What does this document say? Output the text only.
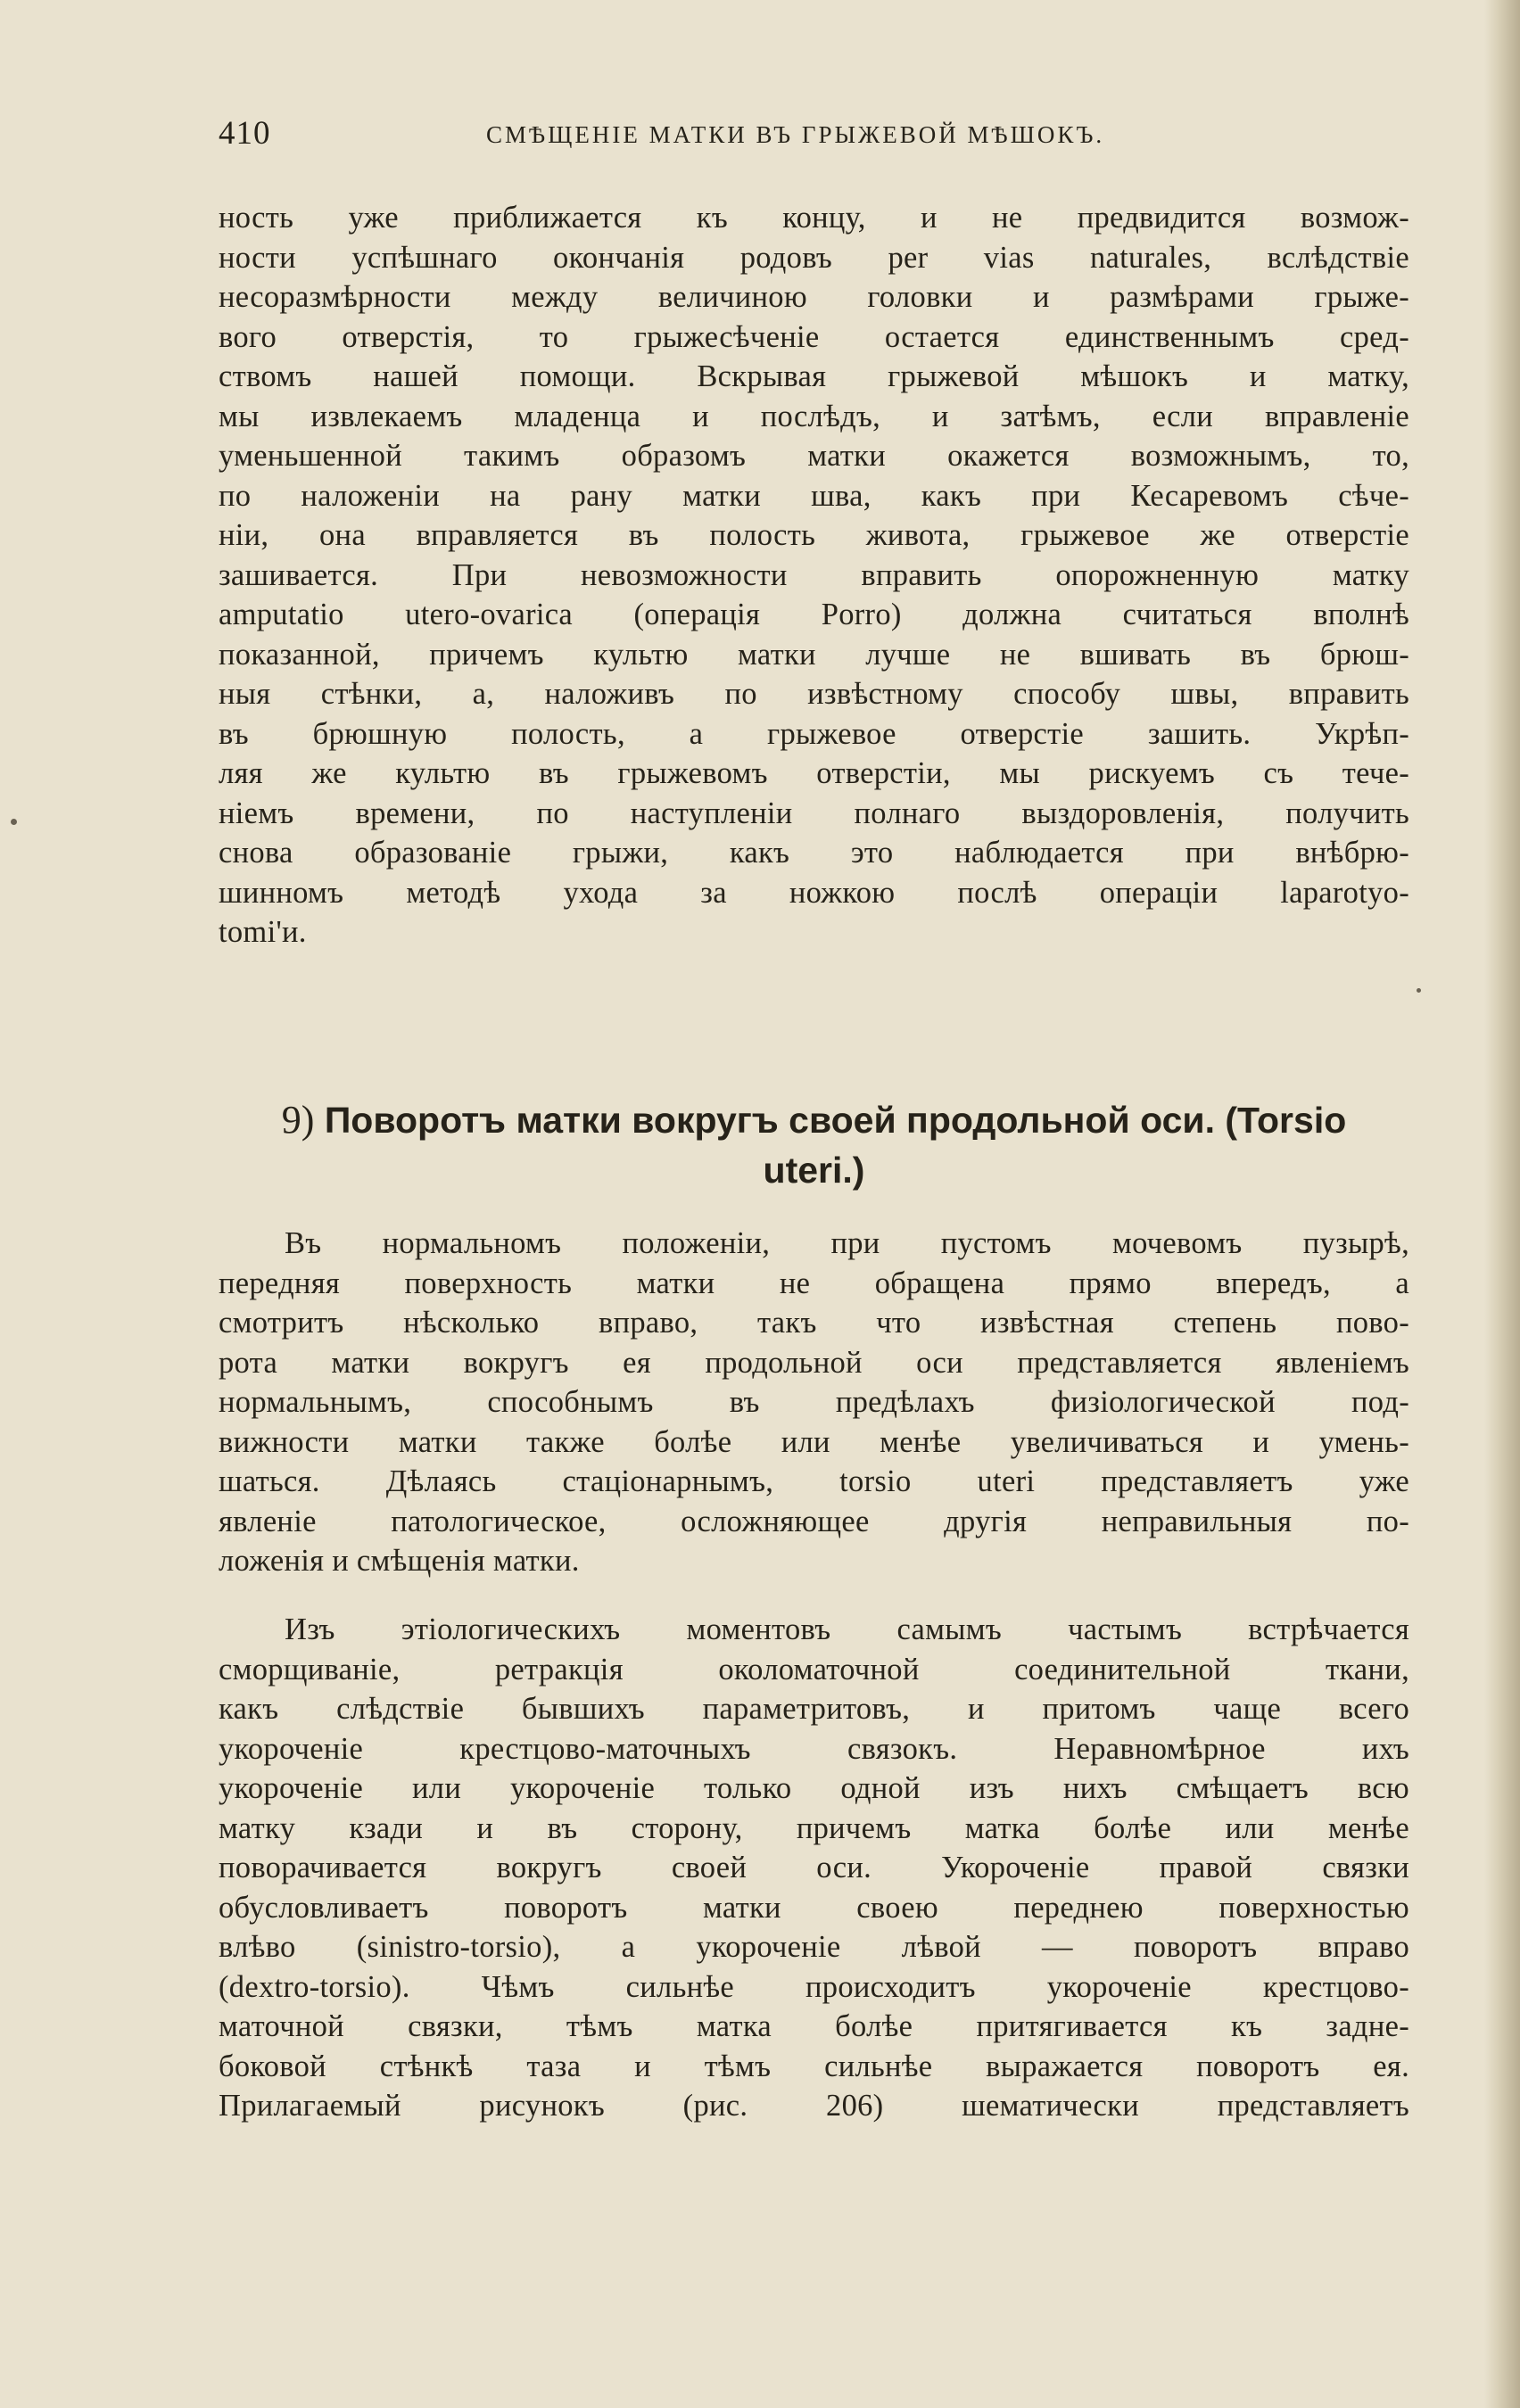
410	СМѢЩЕНІЕ МАТКИ ВЪ ГРЫЖЕВОЙ МѢШОКЪ.
ность уже приближается къ концу, и не предвидится возмож-
ности успѣшнаго окончанія родовъ per vias naturales, вслѣдствіе
несоразмѣрности между величиною головки и размѣрами грыже-
вого отверстія, то грыжесѣченіе остается единственнымъ сред-
ствомъ нашей помощи. Вскрывая грыжевой мѣшокъ и матку,
мы извлекаемъ младенца и послѣдъ, и затѣмъ, если вправленіе
уменьшенной такимъ образомъ матки окажется возможнымъ, то,
по наложеніи на рану матки шва, какъ при Кесаревомъ сѣче-
ніи, она вправляется въ полость живота, грыжевое же отверстіе
зашивается. При невозможности вправить опорожненную матку
amputatio utero-ovarica (операція Porro) должна считаться вполнѣ
показанной, причемъ культю матки лучше не вшивать въ брюш-
ныя стѣнки, а, наложивъ по извѣстному способу швы, вправить
въ брюшную полость, а грыжевое отверстіе зашить. Укрѣп-
ляя же культю въ грыжевомъ отверстіи, мы рискуемъ съ тече-
ніемъ времени, по наступленіи полнаго выздоровленія, получить
снова образованіе грыжи, какъ это наблюдается при внѣбрю-
шинномъ методѣ ухода за ножкою послѣ операціи laparotyo-
tomi'и.
9) Поворотъ матки вокругъ своей продольной оси. (Torsio
uteri.)
Въ нормальномъ положеніи, при пустомъ мочевомъ пузырѣ,
передняя поверхность матки не обращена прямо впередъ, а
смотритъ нѣсколько вправо, такъ что извѣстная степень пово-
рота матки вокругъ ея продольной оси представляется явленіемъ
нормальнымъ, способнымъ въ предѣлахъ физіологической под-
вижности матки также болѣе или менѣе увеличиваться и умень-
шаться. Дѣлаясь стаціонарнымъ, torsio uteri представляетъ уже
явленіе патологическое, осложняющее другія неправильныя по-
ложенія и смѣщенія матки.
Изъ этіологическихъ моментовъ самымъ частымъ встрѣчается
сморщиваніе, ретракція околоматочной соединительной ткани,
какъ слѣдствіе бывшихъ параметритовъ, и притомъ чаще всего
укороченіе крестцово-маточныхъ связокъ. Неравномѣрное ихъ
укороченіе или укороченіе только одной изъ нихъ смѣщаетъ всю
матку кзади и въ сторону, причемъ матка болѣе или менѣе
поворачивается вокругъ своей оси. Укороченіе правой связки
обусловливаетъ поворотъ матки своею переднею поверхностью
влѣво (sinistro-torsio), а укороченіе лѣвой — поворотъ вправо
(dextro-torsio). Чѣмъ сильнѣе происходитъ укороченіе крестцово-
маточной связки, тѣмъ матка болѣе притягивается къ задне-
боковой стѣнкѣ таза и тѣмъ сильнѣе выражается поворотъ ея.
Прилагаемый рисунокъ (рис. 206) шематически представляетъ
